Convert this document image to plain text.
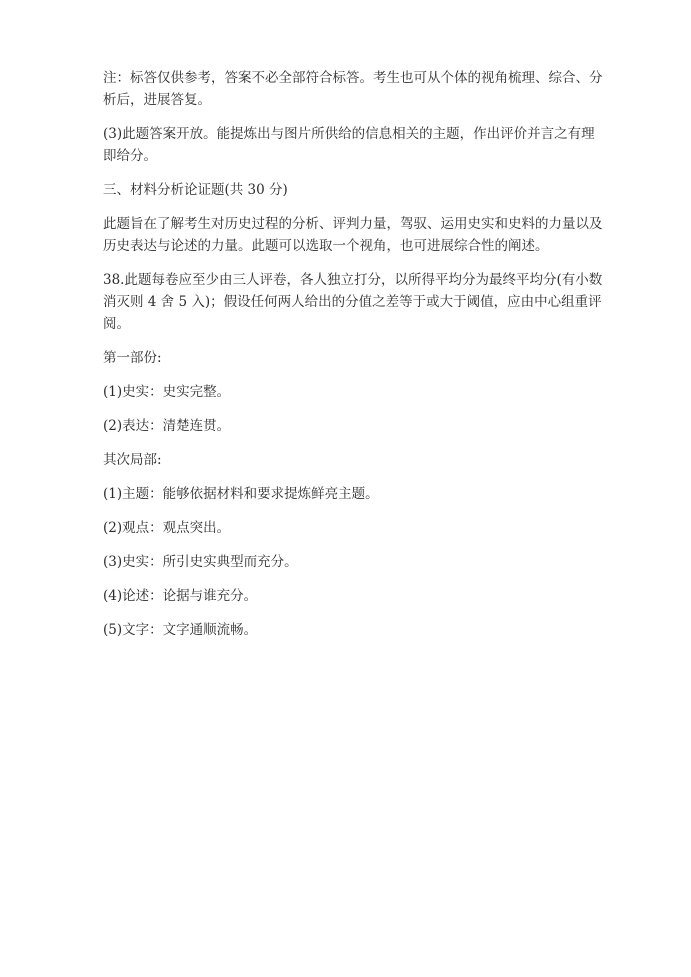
注：标答仅供参考，答案不必全部符合标答。考生也可从个体的视角梳理、综合、分析后，进展答复。

(3)此题答案开放。能提炼出与图片所供给的信息相关的主题，作出评价并言之有理即给分。

三、材料分析论证题(共 30 分)

此题旨在了解考生对历史过程的分析、评判力量，驾驭、运用史实和史料的力量以及历史表达与论述的力量。此题可以选取一个视角，也可进展综合性的阐述。

38.此题每卷应至少由三人评卷，各人独立打分，以所得平均分为最终平均分(有小数消灭则 4 舍 5 入)；假设任何两人给出的分值之差等于或大于阈值，应由中心组重评阅。

第一部份:

(1)史实：史实完整。

(2)表达：清楚连贯。

其次局部:

(1)主题：能够依据材料和要求提炼鲜亮主题。

(2)观点：观点突出。

(3)史实：所引史实典型而充分。

(4)论述：论据与谁充分。

(5)文字：文字通顺流畅。
